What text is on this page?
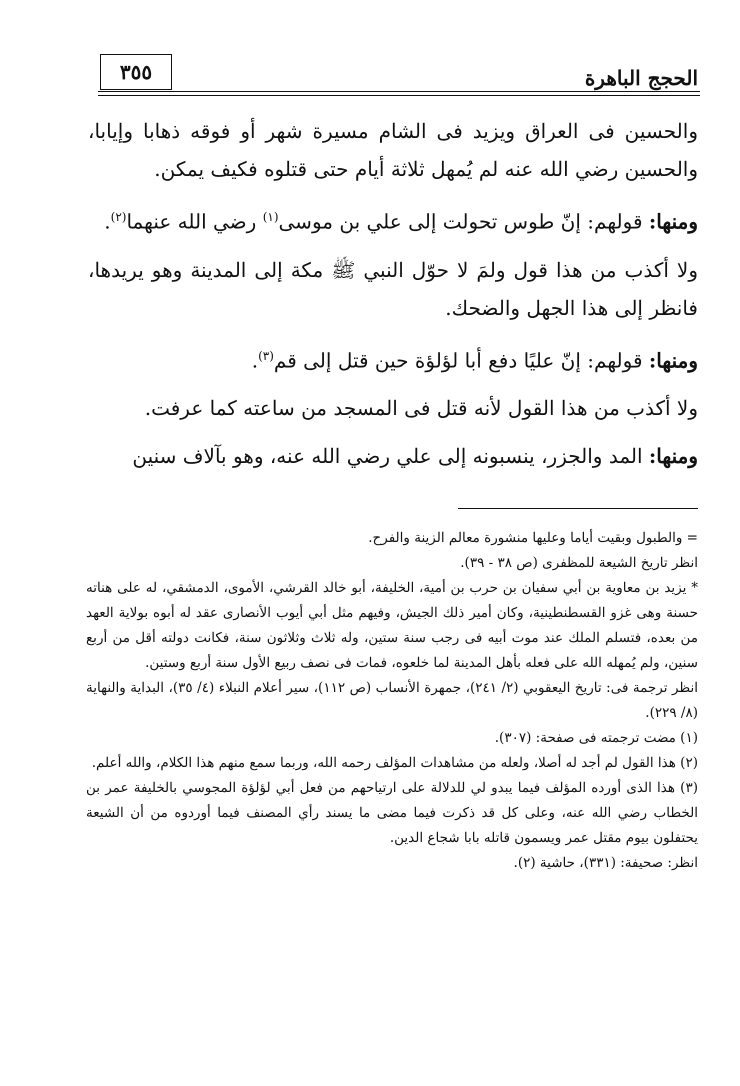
الحجج الباهرة
٣٥٥

والحسين فى العراق ويزيد فى الشام مسيرة شهر أو فوقه ذهابا وإيابا، والحسين رضي الله عنه لم يُمهل ثلاثة أيام حتى قتلوه فكيف يمكن.

ومنها: قولهم: إنّ طوس تحولت إلى علي بن موسى$^{(١)}$ رضي الله عنهما$^{(٢)}$.

ولا أكذب من هذا قول ولمَ لا حوّل النبي ﷺ مكة إلى المدينة وهو يريدها، فانظر إلى هذا الجهل والضحك.

ومنها: قولهم: إنّ عليًا دفع أبا لؤلؤة حين قتل إلى قم$^{(٣)}$.

ولا أكذب من هذا القول لأنه قتل فى المسجد من ساعته كما عرفت.

ومنها: المد والجزر، ينسبونه إلى علي رضي الله عنه، وهو بآلاف سنين

= والطبول وبقيت أياما وعليها منشورة معالم الزينة والفرح.

انظر تاريخ الشيعة للمظفرى (ص ٣٨ - ٣٩).

* يزيد بن معاوية بن أبي سفيان بن حرب بن أمية، الخليفة، أبو خالد القرشي، الأموى، الدمشقي، له على هناته حسنة وهى غزو القسطنطينية، وكان أمير ذلك الجيش، وفيهم مثل أبي أيوب الأنصارى عقد له أبوه بولاية العهد من بعده، فتسلم الملك عند موت أبيه فى رجب سنة ستين، وله ثلاث وثلاثون سنة، فكانت دولته أقل من أربع سنين، ولم يُمهله الله على فعله بأهل المدينة لما خلعوه، فمات فى نصف ربيع الأول سنة أربع وستين.

انظر ترجمة فى: تاريخ اليعقوبي (٢/ ٢٤١)، جمهرة الأنساب (ص ١١٢)، سير أعلام النبلاء (٤/ ٣٥)، البداية والنهاية (٨/ ٢٢٩).

(١) مضت ترجمته فى صفحة: (٣٠٧).

(٢) هذا القول لم أجد له أصلا، ولعله من مشاهدات المؤلف رحمه الله، وربما سمع منهم هذا الكلام، والله أعلم.

(٣) هذا الذى أورده المؤلف فيما يبدو لي للدلالة على ارتياحهم من فعل أبي لؤلؤة المجوسي بالخليفة عمر بن الخطاب رضي الله عنه، وعلى كل قد ذكرت فيما مضى ما يسند رأي المصنف فيما أوردوه من أن الشيعة يحتفلون بيوم مقتل عمر ويسمون قاتله بابا شجاع الدين.

انظر: صحيفة: (٣٣١)، حاشية (٢).
